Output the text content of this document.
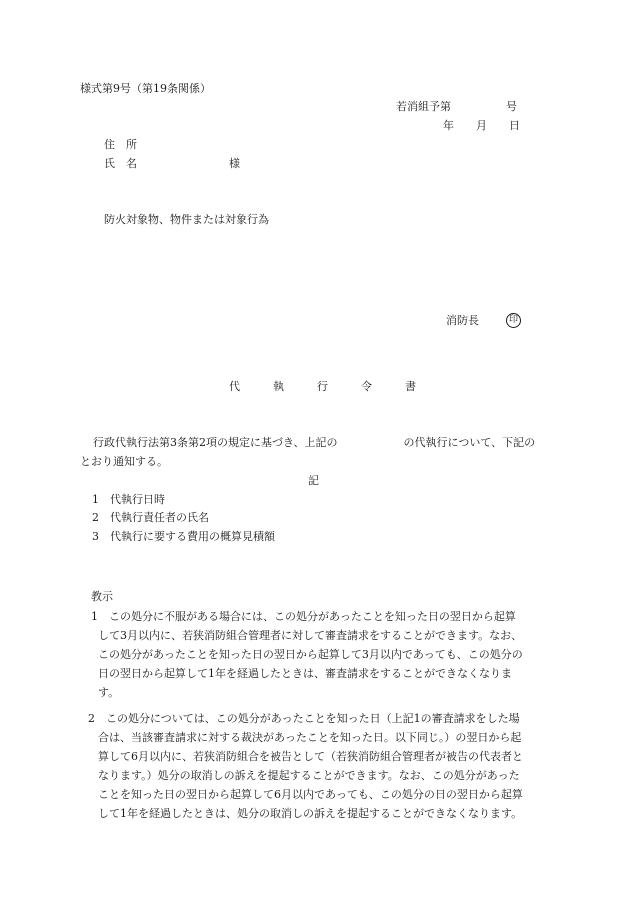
様式第9号（第19条関係）
若消組予第　　　　　号
年　　月　　日
住　所
氏　名	様
防火対象物、物件または対象行為
消防長	印
代	執	行	令	書
行政代執行法第3条第2項の規定に基づき、上記の　　　　　　の代執行について、下記の
とおり通知する。
記
1　代執行日時
2　代執行責任者の氏名
3　代執行に要する費用の概算見積額
教示
1　この処分に不服がある場合には、この処分があったことを知った日の翌日から起算
して3月以内に、若狭消防組合管理者に対して審査請求をすることができます。なお、
この処分があったことを知った日の翌日から起算して3月以内であっても、この処分の
日の翌日から起算して1年を経過したときは、審査請求をすることができなくなりま
す。
2　この処分については、この処分があったことを知った日（上記1の審査請求をした場
合は、当該審査請求に対する裁決があったことを知った日。以下同じ。）の翌日から起
算して6月以内に、若狭消防組合を被告として（若狭消防組合管理者が被告の代表者と
なります。）処分の取消しの訴えを提起することができます。なお、この処分があった
ことを知った日の翌日から起算して6月以内であっても、この処分の日の翌日から起算
して1年を経過したときは、処分の取消しの訴えを提起することができなくなります。
